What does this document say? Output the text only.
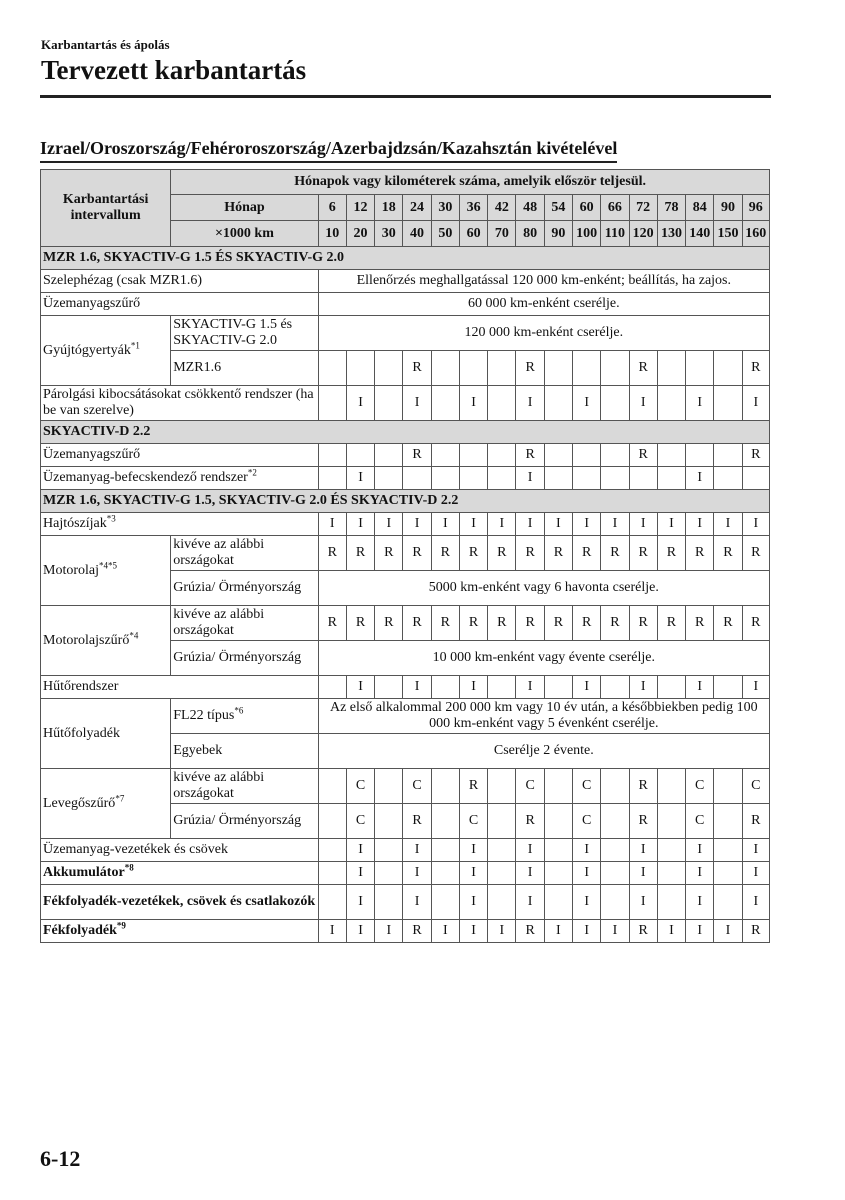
Karbantartás és ápolás
Tervezett karbantartás
Izrael/Oroszország/Fehéroroszország/Azerbajdzsán/Kazahsztán kivételével
Karbantartási intervallum	Hónapok vagy kilométerek száma, amelyik először teljesül.																
	Hónap	6	12	18	24	30	36	42	48	54	60	66	72	78	84	90	96
	×1000 km	10	20	30	40	50	60	70	80	90	100	110	120	130	140	150	160
MZR 1.6, SKYACTIV-G 1.5 ÉS SKYACTIV-G 2.0																	
Szelephézag (csak MZR1.6)		Ellenőrzés meghallgatással 120 000 km-enként; beállítás, ha zajos.															
Üzemanyagszűrő		60 000 km-enként cserélje.															
Gyújtógyertyák$^{*1}$	SKYACTIV-G 1.5 és SKYACTIV-G 2.0	120 000 km-enként cserélje.															
	MZR1.6				R				R				R				R
Párolgási kibocsátásokat csökkentő rendszer (ha be van szerelve)			I		I		I		I		I		I		I		I
SKYACTIV-D 2.2																	
Üzemanyagszűrő					R				R				R				R
Üzemanyag-befecskendező rendszer$^{*2}$			I						I						I		
MZR 1.6, SKYACTIV-G 1.5, SKYACTIV-G 2.0 ÉS SKYACTIV-D 2.2																	
Hajtószíjak$^{*3}$		I	I	I	I	I	I	I	I	I	I	I	I	I	I	I	I
Motorolaj$^{*4*5}$	kivéve az alábbi országokat	R	R	R	R	R	R	R	R	R	R	R	R	R	R	R	R
	Grúzia/ Örményország	5000 km-enként vagy 6 havonta cserélje.															
Motorolajszűrő$^{*4}$	kivéve az alábbi országokat	R	R	R	R	R	R	R	R	R	R	R	R	R	R	R	R
	Grúzia/ Örményország	10 000 km-enként vagy évente cserélje.															
Hűtőrendszer			I		I		I		I		I		I		I		I
Hűtőfolyadék	FL22 típus$^{*6}$	Az első alkalommal 200 000 km vagy 10 év után, a későbbiekben pedig 100 000 km-enként vagy 5 évenként cserélje.															
	Egyebek	Cserélje 2 évente.															
Levegőszűrő$^{*7}$	kivéve az alábbi országokat		C		C		R		C		C		R		C		C
	Grúzia/ Örményország		C		R		C		R		C		R		C		R
Üzemanyag-vezetékek és csövek			I		I		I		I		I		I		I		I
Akkumulátor$^{*8}$			I		I		I		I		I		I		I		I
Fékfolyadék-vezetékek, csövek és csatlakozók			I		I		I		I		I		I		I		I
Fékfolyadék$^{*9}$		I	I	I	R	I	I	I	R	I	I	I	R	I	I	I	R
6-12
